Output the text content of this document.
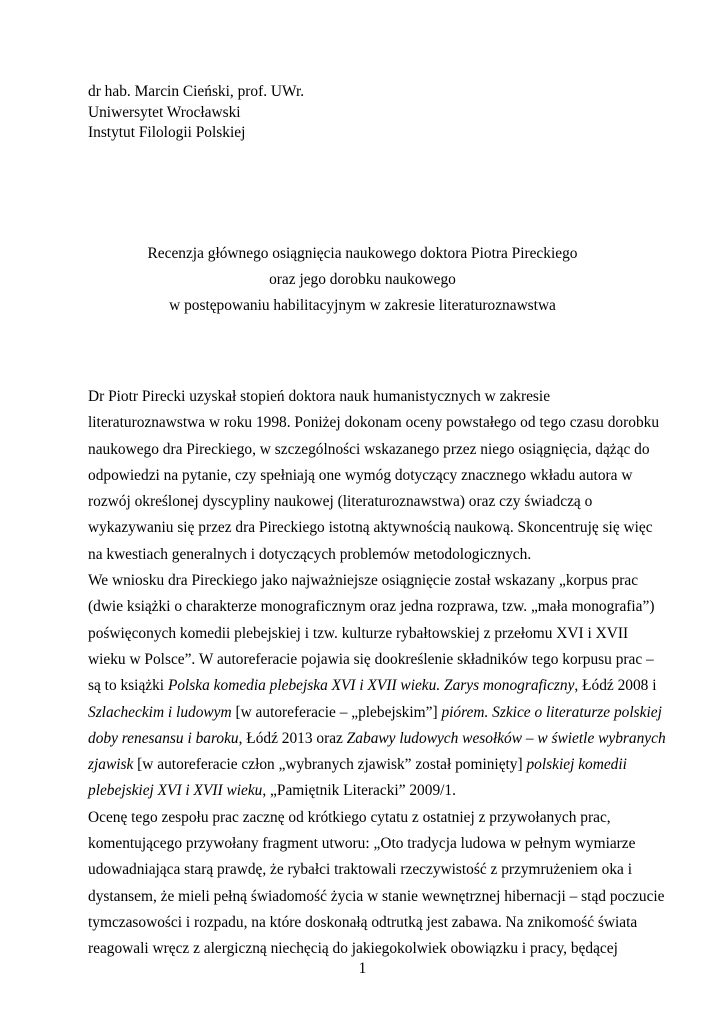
dr hab. Marcin Cieński, prof. UWr.
Uniwersytet Wrocławski
Instytut Filologii Polskiej
Recenzja głównego osiągnięcia naukowego doktora Piotra Pireckiego
oraz jego dorobku naukowego
w postępowaniu habilitacyjnym w zakresie literaturoznawstwa
Dr Piotr Pirecki uzyskał stopień doktora nauk humanistycznych w zakresie
literaturoznawstwa w roku 1998. Poniżej dokonam oceny powstałego od tego czasu dorobku
naukowego dra Pireckiego, w szczególności wskazanego przez niego osiągnięcia, dążąc do
odpowiedzi na pytanie, czy spełniają one wymóg dotyczący znacznego wkładu autora w
rozwój określonej dyscypliny naukowej (literaturoznawstwa) oraz czy świadczą o
wykazywaniu się przez dra Pireckiego istotną aktywnością naukową. Skoncentruję się więc
na kwestiach generalnych i dotyczących problemów metodologicznych.
We wniosku dra Pireckiego jako najważniejsze osiągnięcie został wskazany „korpus prac
(dwie książki o charakterze monograficznym oraz jedna rozprawa, tzw. „mała monografia”)
poświęconych komedii plebejskiej i tzw. kulturze rybałtowskiej z przełomu XVI i XVII
wieku w Polsce”. W autoreferacie pojawia się dookreślenie składników tego korpusu prac –
są to książki Polska komedia plebejska XVI i XVII wieku. Zarys monograficzny, Łódź 2008 i
Szlacheckim i ludowym [w autoreferacie – „plebejskim”] piórem. Szkice o literaturze polskiej
doby renesansu i baroku, Łódź 2013 oraz Zabawy ludowych wesołków – w świetle wybranych
zjawisk [w autoreferacie człon „wybranych zjawisk” został pominięty] polskiej komedii
plebejskiej XVI i XVII wieku, „Pamiętnik Literacki” 2009/1.
Ocenę tego zespołu prac zacznę od krótkiego cytatu z ostatniej z przywołanych prac,
komentującego przywołany fragment utworu: „Oto tradycja ludowa w pełnym wymiarze
udowadniająca starą prawdę, że rybałci traktowali rzeczywistość z przymrużeniem oka i
dystansem, że mieli pełną świadomość życia w stanie wewnętrznej hibernacji – stąd poczucie
tymczasowości i rozpadu, na które doskonałą odtrutką jest zabawa. Na znikomość świata
reagowali wręcz z alergiczną niechęcią do jakiegokolwiek obowiązku i pracy, będącej
1
